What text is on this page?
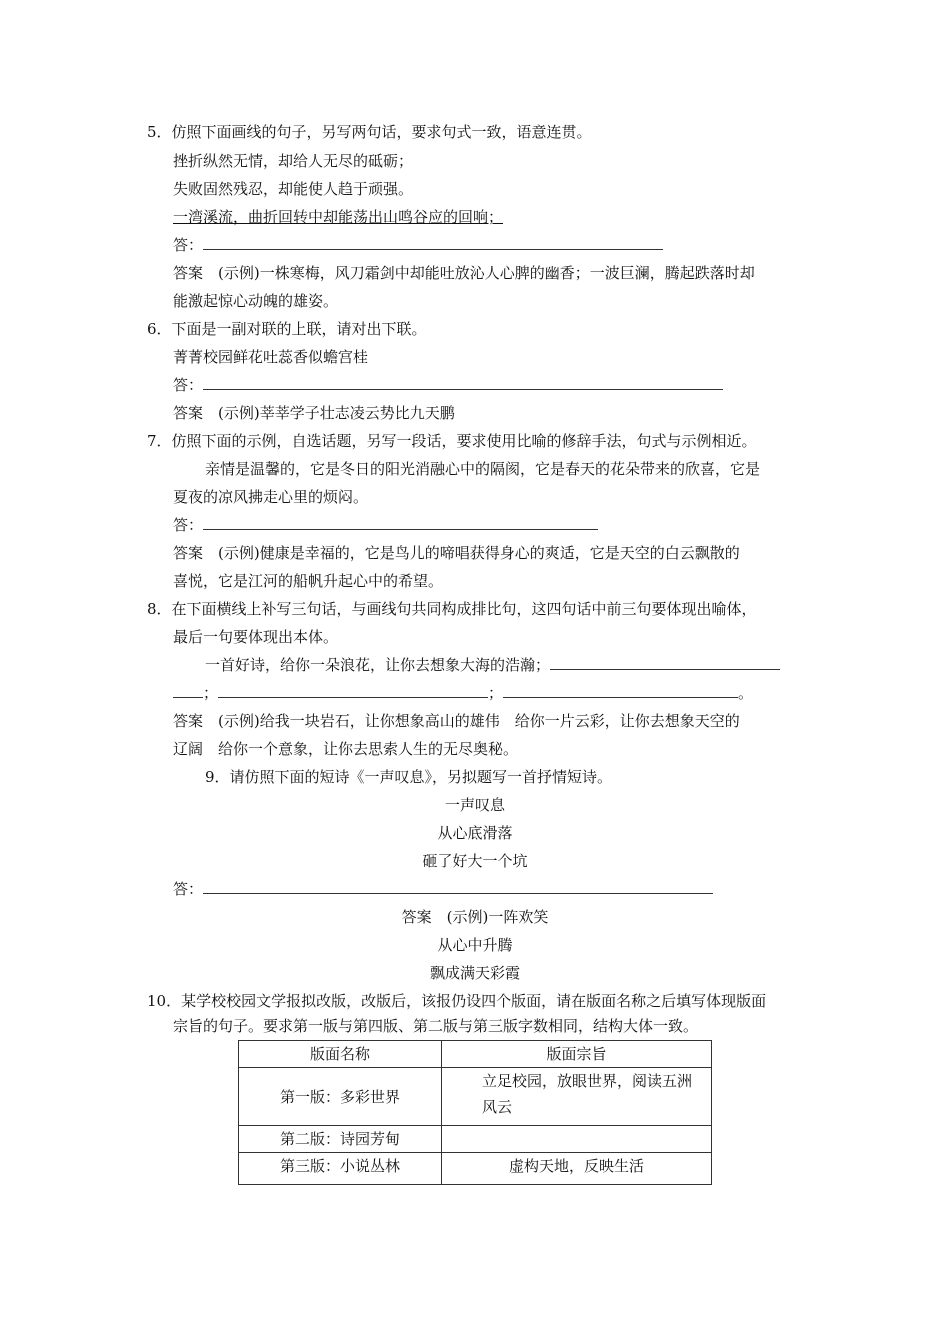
5．仿照下面画线的句子，另写两句话，要求句式一致，语意连贯。
挫折纵然无情，却给人无尽的砥砺；
失败固然残忍，却能使人趋于顽强。
一湾溪流，曲折回转中却能荡出山鸣谷应的回响；
答：
答案　(示例)一株寒梅，风刀霜剑中却能吐放沁人心脾的幽香；一波巨澜，腾起跌落时却
能激起惊心动魄的雄姿。
6．下面是一副对联的上联，请对出下联。
菁菁校园鲜花吐蕊香似蟾宫桂
答：
答案　(示例)莘莘学子壮志凌云势比九天鹏
7．仿照下面的示例，自选话题，另写一段话，要求使用比喻的修辞手法，句式与示例相近。
亲情是温馨的，它是冬日的阳光消融心中的隔阂，它是春天的花朵带来的欣喜，它是
夏夜的凉风拂走心里的烦闷。
答：
答案　(示例)健康是幸福的，它是鸟儿的啼唱获得身心的爽适，它是天空的白云飘散的
喜悦，它是江河的船帆升起心中的希望。
8．在下面横线上补写三句话，与画线句共同构成排比句，这四句话中前三句要体现出喻体，
最后一句要体现出本体。
一首好诗，给你一朵浪花，让你去想象大海的浩瀚；
；	；	。
答案　(示例)给我一块岩石，让你想象高山的雄伟　给你一片云彩，让你去想象天空的
辽阔　给你一个意象，让你去思索人生的无尽奥秘。
9．请仿照下面的短诗《一声叹息》，另拟题写一首抒情短诗。
一声叹息
从心底滑落
砸了好大一个坑
答：
答案　(示例)一阵欢笑
从心中升腾
飘成满天彩霞
10．某学校校园文学报拟改版，改版后，该报仍设四个版面，请在版面名称之后填写体现版面
宗旨的句子。要求第一版与第四版、第二版与第三版字数相同，结构大体一致。
版面名称	版面宗旨
第一版：多彩世界	立足校园，放眼世界，阅读五洲
风云

第二版：诗园芳甸	
第三版：小说丛林	虚构天地，反映生活
